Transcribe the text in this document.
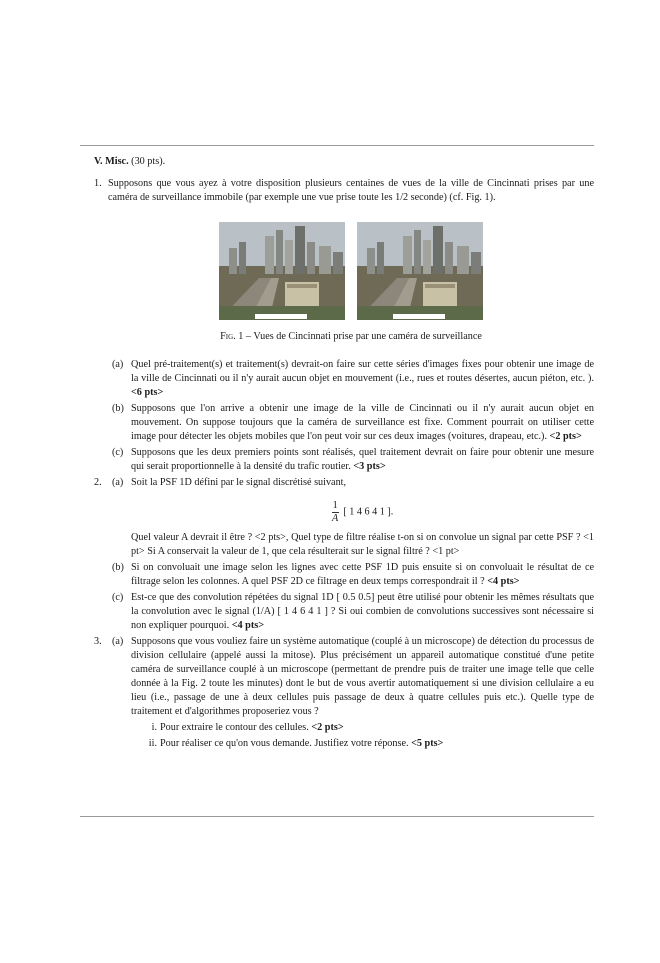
V. Misc. (30 pts).
1. Supposons que vous ayez à votre disposition plusieurs centaines de vues de la ville de Cincinnati prises par une caméra de surveillance immobile (par exemple une vue prise toute les 1/2 seconde) (cf. Fig. 1).
Fig. 1 – Vues de Cincinnati prise par une caméra de surveillance
(a) Quel pré-traitement(s) et traitement(s) devrait-on faire sur cette séries d'images fixes pour obtenir une image de la ville de Cincinnati ou il n'y aurait aucun objet en mouvement (i.e., rues et routes désertes, aucun piéton, etc. ). <6 pts>
(b) Supposons que l'on arrive a obtenir une image de la ville de Cincinnati ou il n'y aurait aucun objet en mouvement. On suppose toujours que la caméra de surveillance est fixe. Comment pourrait on utiliser cette image pour détecter les objets mobiles que l'on peut voir sur ces deux images (voitures, drapeau, etc.). <2 pts>
(c) Supposons que les deux premiers points sont réalisés, quel traitement devrait on faire pour obtenir une mesure qui serait proportionnelle à la densité du trafic routier. <3 pts>
2. (a) Soit la PSF 1D défini par le signal discrétisé suivant,
$\frac{1}{A}$ [ 1 4 6 4 1 ].
Quel valeur A devrait il être ? <2 pts>, Quel type de filtre réalise t-on si on convolue un signal par cette PSF ? <1 pt> Si A conservait la valeur de 1, que cela résulterait sur le signal filtré ? <1 pt>
(b) Si on convoluait une image selon les lignes avec cette PSF 1D puis ensuite si on convoluait le résultat de ce filtrage selon les colonnes. A quel PSF 2D ce filtrage en deux temps correspondrait il ? <4 pts>
(c) Est-ce que des convolution répétées du signal 1D [ 0.5 0.5] peut être utilisé pour obtenir les mêmes résultats que la convolution avec le signal (1/A) [ 1 4 6 4 1 ] ? Si oui combien de convolutions successives sont nécessaire si non expliquer pourquoi. <4 pts>
3. (a) Supposons que vous vouliez faire un système automatique (couplé à un microscope) de détection du processus de division cellulaire (appelé aussi la mitose). Plus précisément un appareil automatique constitué d'une petite caméra de surveillance couplé à un microscope (permettant de prendre puis de traiter une image telle que celle donnée à la Fig. 2 toute les minutes) dont le but de vous avertir automatiquement si une division cellulaire a eu lieu (i.e., passage de une à deux cellules puis passage de deux à quatre cellules puis etc.). Quelle type de traitement et d'algorithmes proposeriez vous ?
i. Pour extraire le contour des cellules. <2 pts>
ii. Pour réaliser ce qu'on vous demande. Justifiez votre réponse. <5 pts>
